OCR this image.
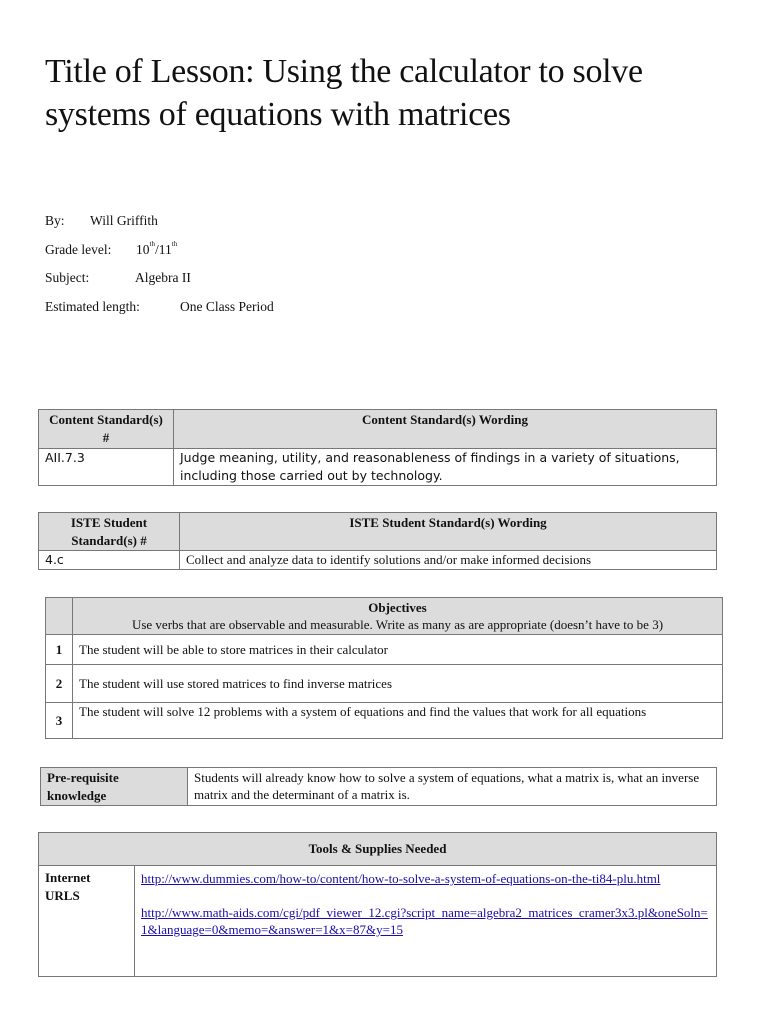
Title of Lesson: Using the calculator to solve systems of equations with matrices
By: Will Griffith
Grade level: 10th/11th
Subject:	Algebra II
Estimated length:	One Class Period
Content Standard(s) #	Content Standard(s) Wording
AII.7.3	Judge meaning, utility, and reasonableness of findings in a variety of situations, including those carried out by technology.
ISTE Student Standard(s) #	ISTE Student Standard(s) Wording
4.c	Collect and analyze data to identify solutions and/or make informed decisions

	Objectives
Use verbs that are observable and measurable. Write as many as are appropriate (doesn’t have to be 3)

1	The student will be able to store matrices in their calculator
2	The student will use stored matrices to find inverse matrices
3	The student will solve 12 problems with a system of equations and find the values that work for all equations
Pre-requisite knowledge	Students will already know how to solve a system of equations, what a matrix is, what an inverse matrix and the determinant of a matrix is.
Tools & Supplies Needed
Internet URLS	http://www.dummies.com/how-to/content/how-to-solve-a-system-of-equations-on-the-ti84-plu.html
http://www.math-aids.com/cgi/pdf_viewer_12.cgi?script_name=algebra2_matrices_cramer3x3.pl&oneSoln=1&language=0&memo=&answer=1&x=87&y=15
